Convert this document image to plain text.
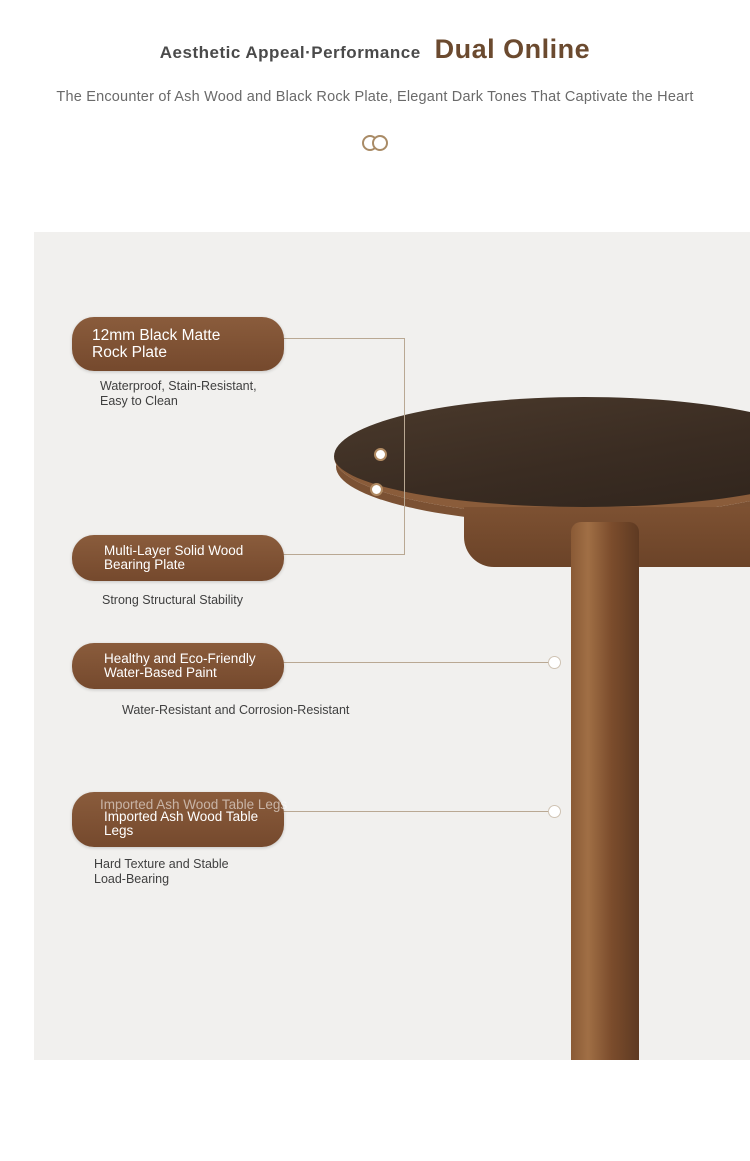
Aesthetic Appeal·Performance Dual Online
The Encounter of Ash Wood and Black Rock Plate, Elegant Dark Tones That Captivate the Heart
12mm Black Matte
Rock Plate
Waterproof, Stain-Resistant,
Easy to Clean
Multi-Layer Solid Wood
Bearing Plate
Strong Structural Stability
Healthy and Eco-Friendly
Water-Based Paint
Water-Resistant and Corrosion-Resistant
Imported Ash Wood Table Legs
Imported Ash Wood Table Legs
Hard Texture and Stable
Load-Bearing
